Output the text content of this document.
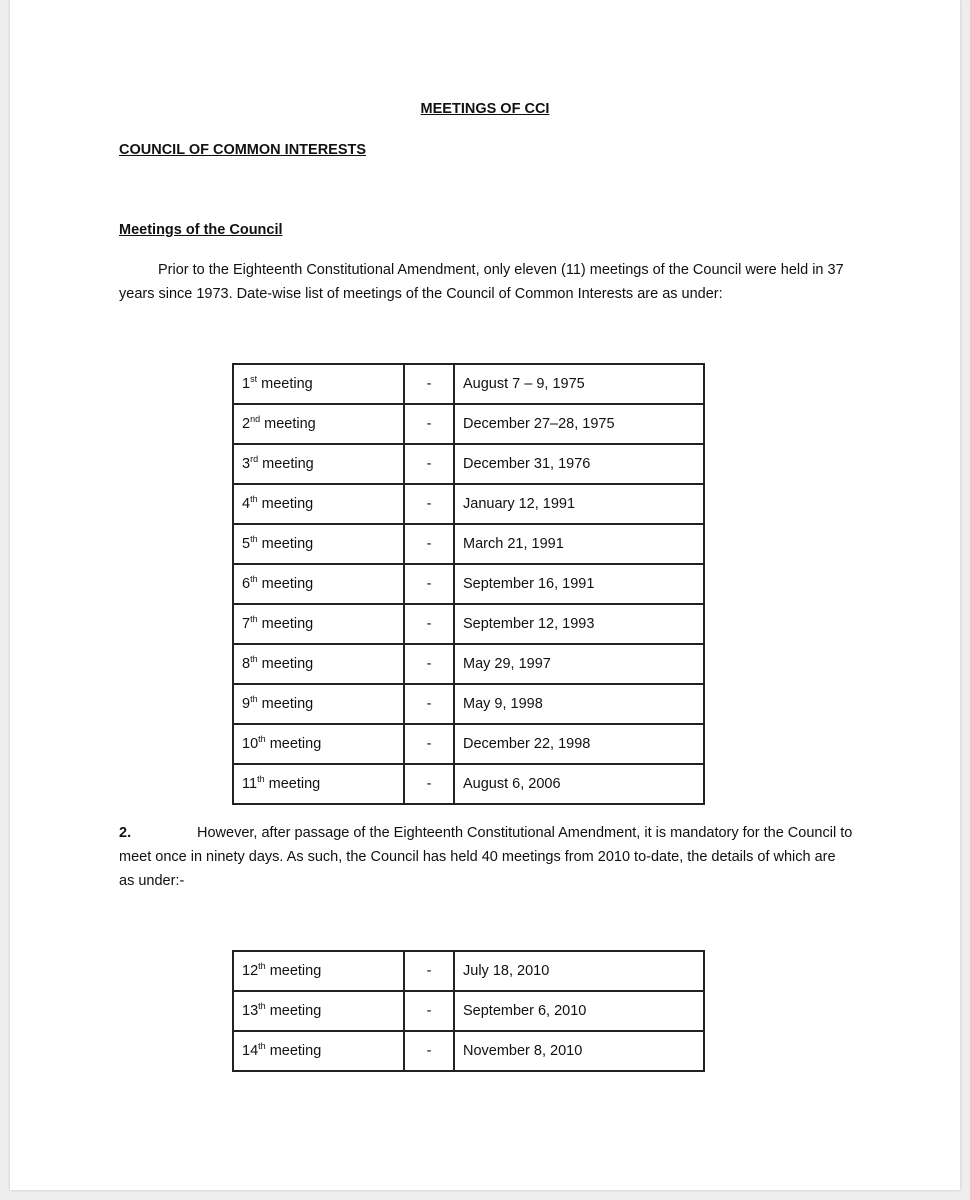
MEETINGS OF CCI
COUNCIL OF COMMON INTERESTS
Meetings of the Council
Prior to the Eighteenth Constitutional Amendment, only eleven (11) meetings of the Council were held in 37 years since 1973. Date-wise list of meetings of the Council of Common Interests are as under:
1st meeting	-	August 7 – 9, 1975
2nd meeting	-	December 27–28, 1975
3rd meeting	-	December 31, 1976
4th meeting	-	January 12, 1991
5th meeting	-	March 21, 1991
6th meeting	-	September 16, 1991
7th meeting	-	September 12, 1993
8th meeting	-	May 29, 1997
9th meeting	-	May 9, 1998
10th meeting	-	December 22, 1998
11th meeting	-	August 6, 2006
2.	However, after passage of the Eighteenth Constitutional Amendment, it is mandatory for the Council to meet once in ninety days. As such, the Council has held 40 meetings from 2010 to-date, the details of which are as under:-
12th meeting	-	July 18, 2010
13th meeting	-	September 6, 2010
14th meeting	-	November 8, 2010
